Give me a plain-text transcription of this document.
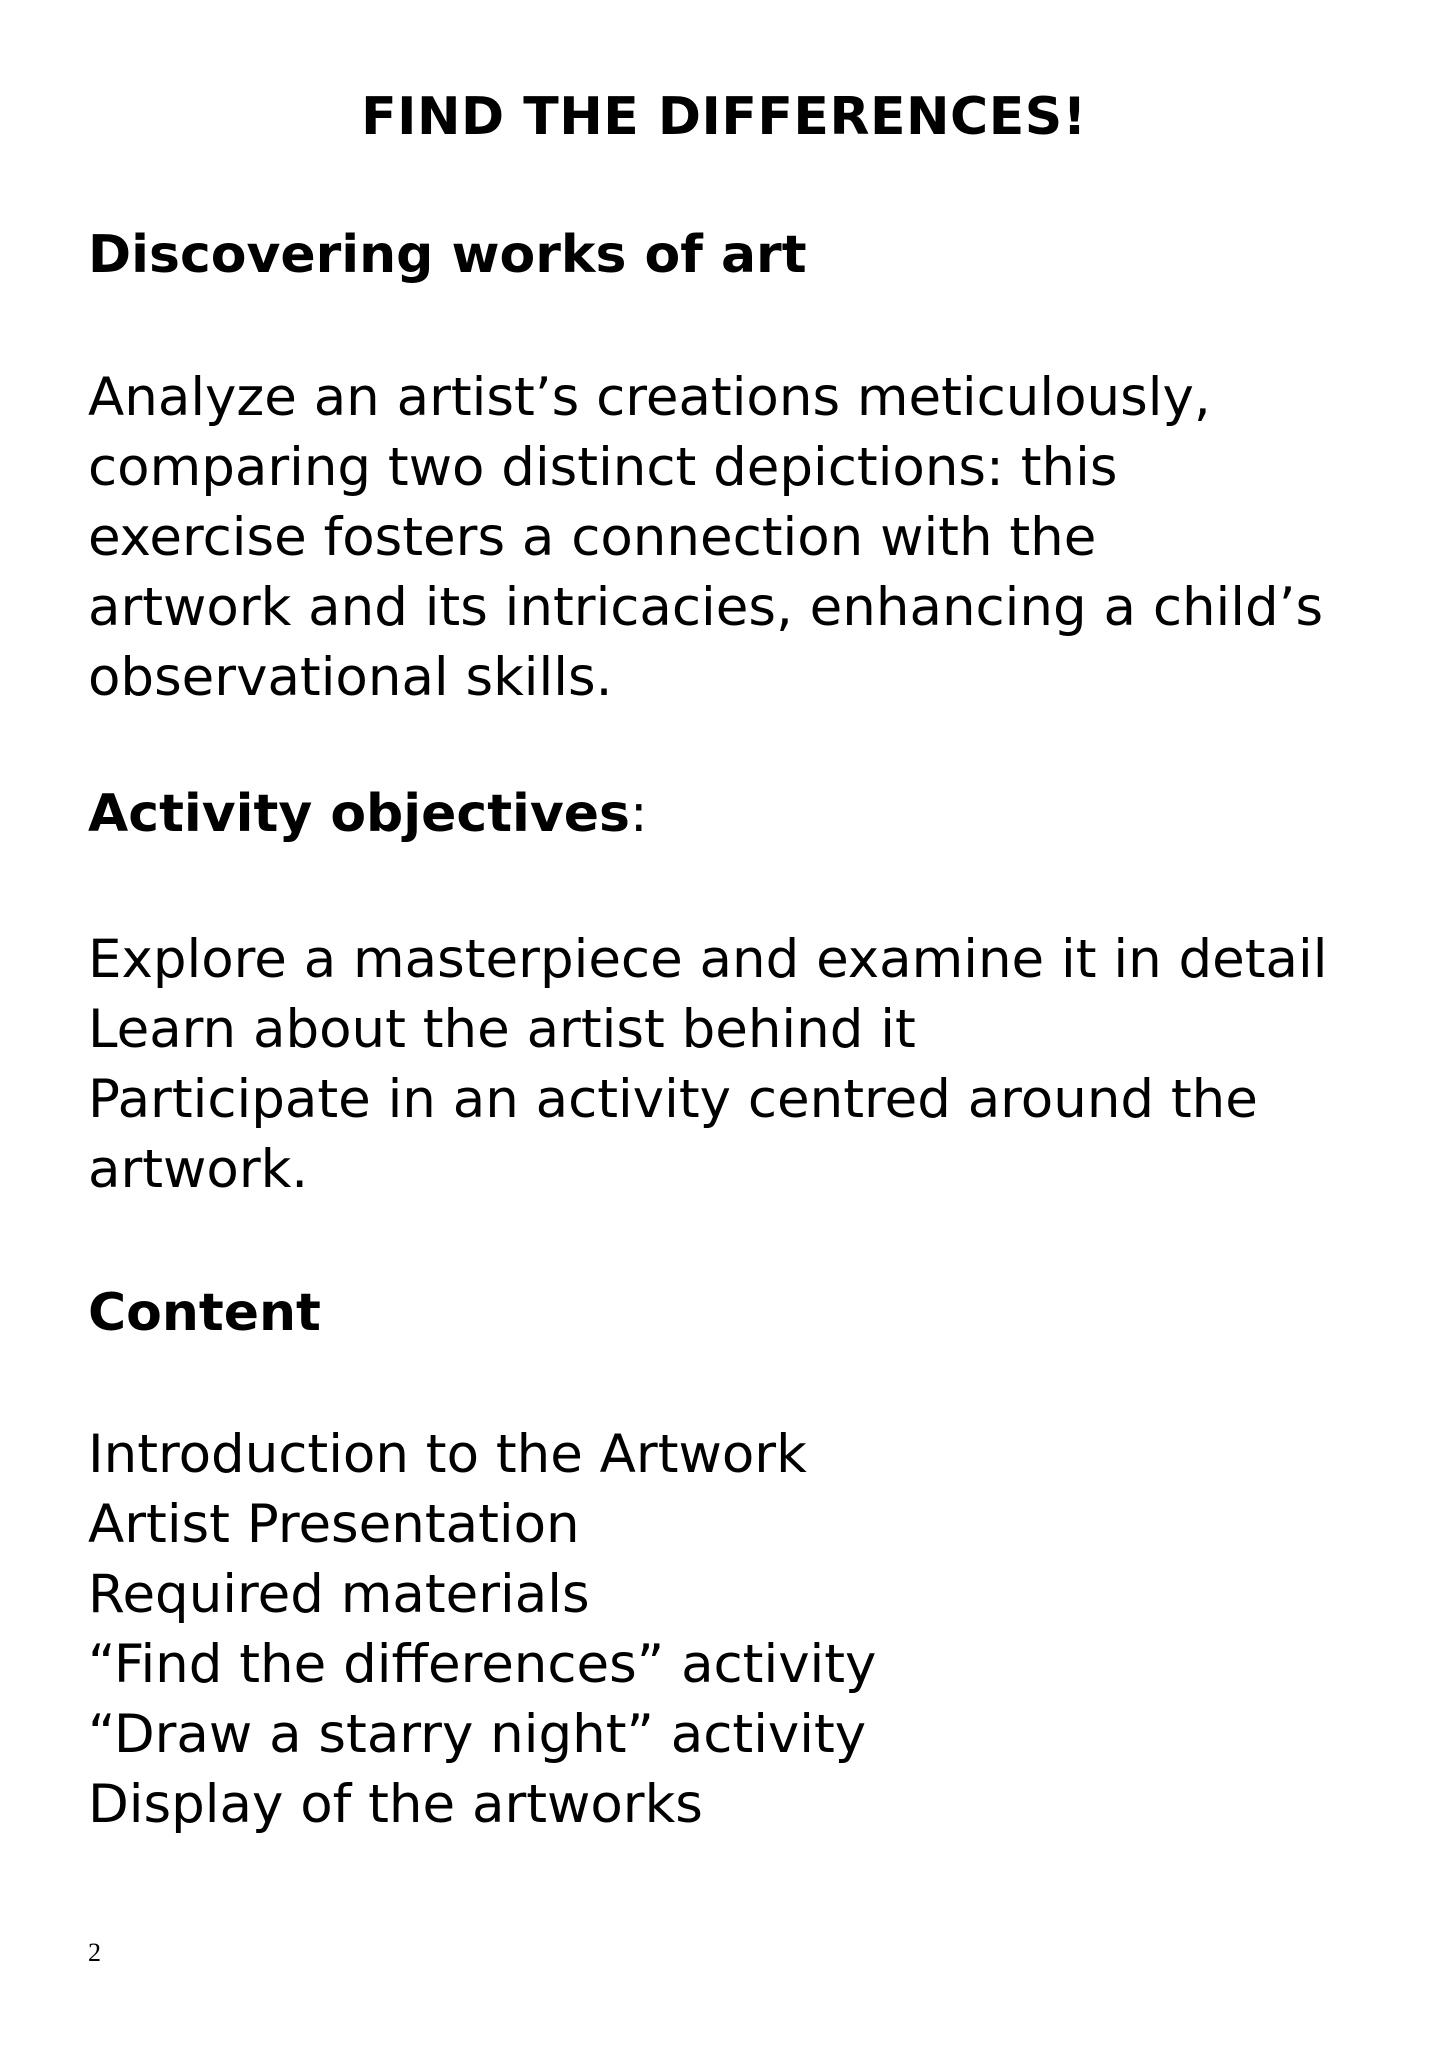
FIND THE DIFFERENCES!
Discovering works of art
Analyze an artist’s creations meticulously,
comparing two distinct depictions: this
exercise fosters a connection with the
artwork and its intricacies, enhancing a child’s
observational skills.
Activity objectives:
Explore a masterpiece and examine it in detail
Learn about the artist behind it
Participate in an activity centred around the
artwork.
Content
Introduction to the Artwork
Artist Presentation
Required materials
“Find the differences” activity
“Draw a starry night” activity
Display of the artworks
2
